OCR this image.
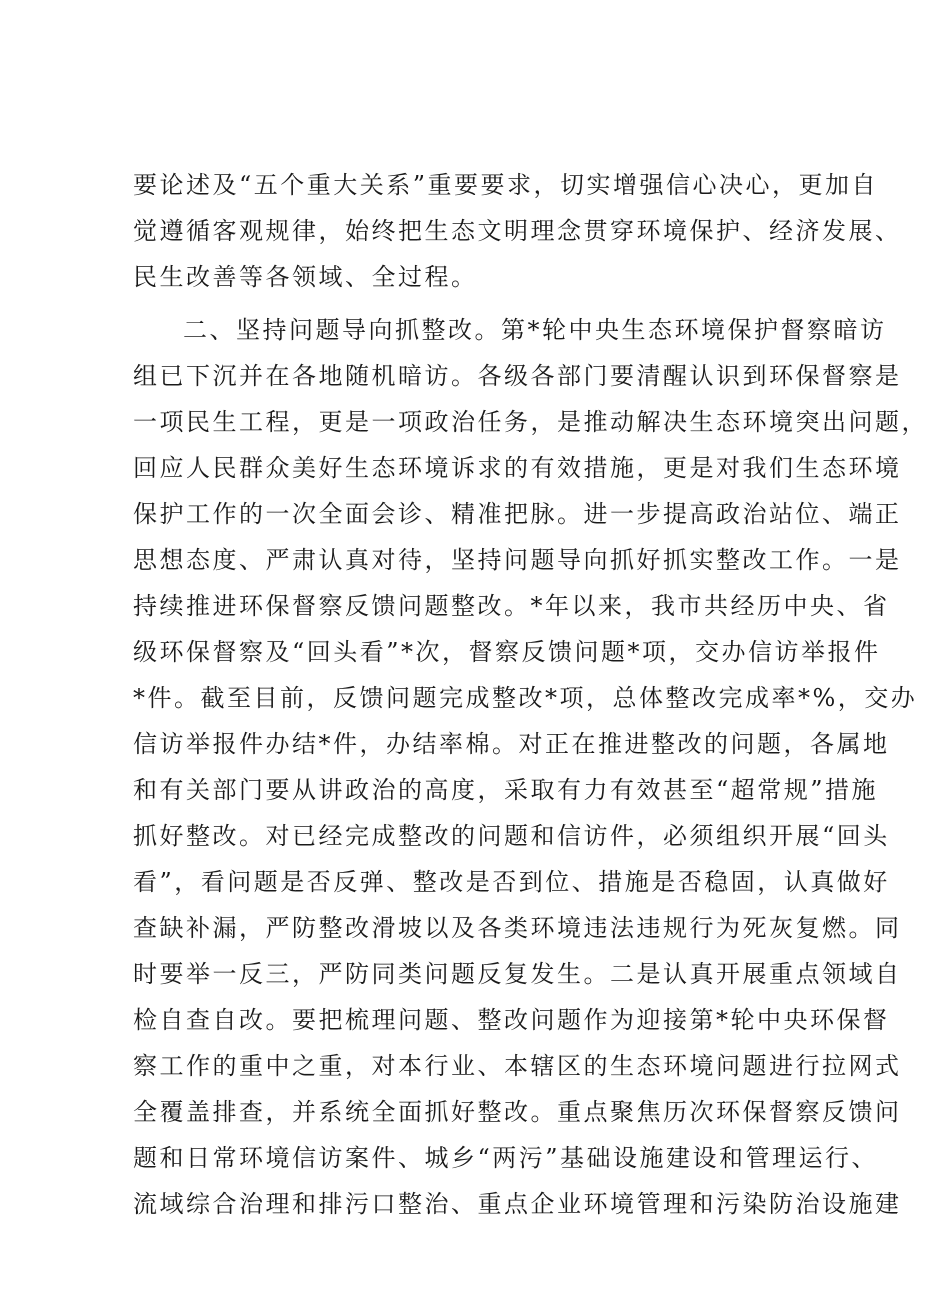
要论述及“五个重大关系”重要要求，切实增强信心决心，更加自
觉遵循客观规律，始终把生态文明理念贯穿环境保护、经济发展、
民生改善等各领域、全过程。
二、坚持问题导向抓整改。第*轮中央生态环境保护督察暗访
组已下沉并在各地随机暗访。各级各部门要清醒认识到环保督察是
一项民生工程，更是一项政治任务，是推动解决生态环境突出问题，
回应人民群众美好生态环境诉求的有效措施，更是对我们生态环境
保护工作的一次全面会诊、精准把脉。进一步提高政治站位、端正
思想态度、严肃认真对待，坚持问题导向抓好抓实整改工作。一是
持续推进环保督察反馈问题整改。*年以来，我市共经历中央、省
级环保督察及“回头看”*次，督察反馈问题*项，交办信访举报件
*件。截至目前，反馈问题完成整改*项，总体整改完成率*%，交办
信访举报件办结*件，办结率棉。对正在推进整改的问题，各属地
和有关部门要从讲政治的高度，采取有力有效甚至“超常规”措施
抓好整改。对已经完成整改的问题和信访件，必须组织开展“回头
看”，看问题是否反弹、整改是否到位、措施是否稳固，认真做好
查缺补漏，严防整改滑坡以及各类环境违法违规行为死灰复燃。同
时要举一反三，严防同类问题反复发生。二是认真开展重点领域自
检自查自改。要把梳理问题、整改问题作为迎接第*轮中央环保督
察工作的重中之重，对本行业、本辖区的生态环境问题进行拉网式
全覆盖排查，并系统全面抓好整改。重点聚焦历次环保督察反馈问
题和日常环境信访案件、城乡“两污”基础设施建设和管理运行、
流域综合治理和排污口整治、重点企业环境管理和污染防治设施建
